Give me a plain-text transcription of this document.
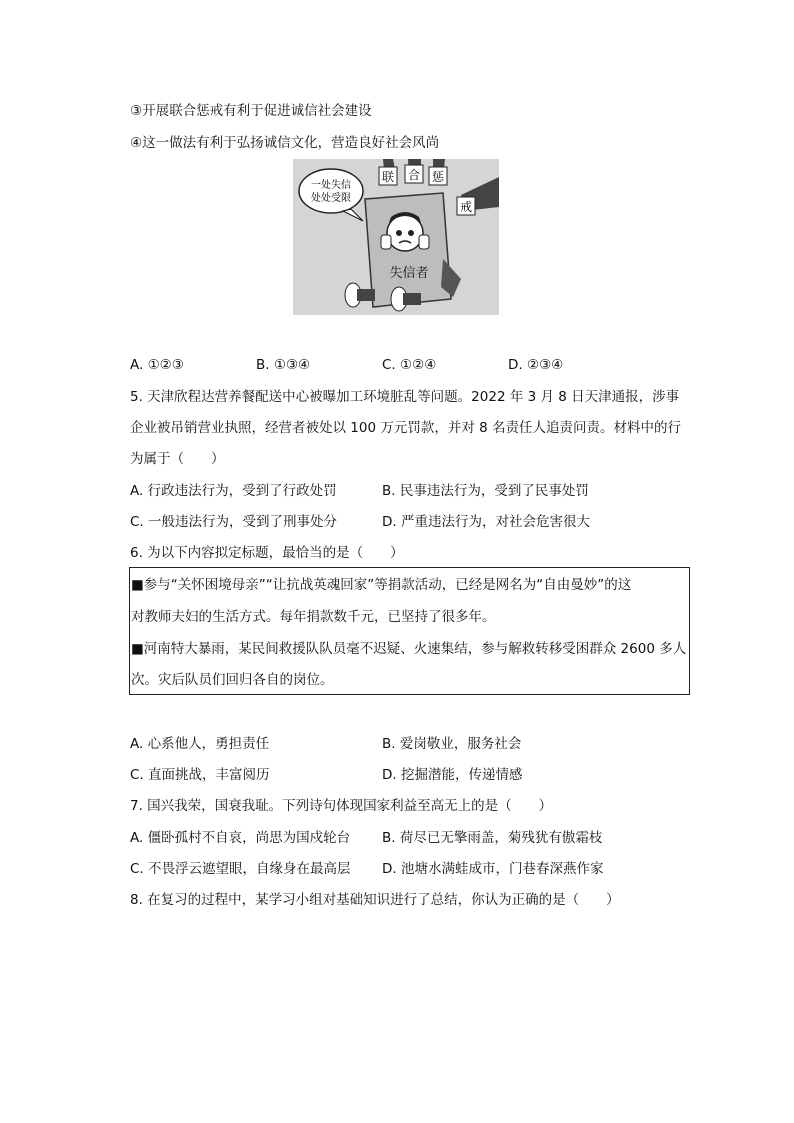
③开展联合惩戒有利于促进诚信社会建设
④这一做法有利于弘扬诚信文化，营造良好社会风尚
一处失信
处处受限
联 合 惩
戒
失信者
A. ①②③	B. ①③④	C. ①②④	D. ②③④
5. 天津欣程达营养餐配送中心被曝加工环境脏乱等问题。2022 年 3 月 8 日天津通报，涉事
企业被吊销营业执照，经营者被处以 100 万元罚款，并对 8 名责任人追责问责。材料中的行
为属于（　　）
A. 行政违法行为，受到了行政处罚	B. 民事违法行为，受到了民事处罚
C. 一般违法行为，受到了刑事处分	D. 严重违法行为，对社会危害很大
6. 为以下内容拟定标题，最恰当的是（　　）
■参与“关怀困境母亲”“让抗战英魂回家”等捐款活动，已经是网名为“自由曼妙”的这
对教师夫妇的生活方式。每年捐款数千元，已坚持了很多年。
■河南特大暴雨，某民间救援队队员毫不迟疑、火速集结，参与解救转移受困群众 2600 多人
次。灾后队员们回归各自的岗位。
A. 心系他人，勇担责任	B. 爱岗敬业，服务社会
C. 直面挑战，丰富阅历	D. 挖掘潜能，传递情感
7. 国兴我荣，国衰我耻。下列诗句体现国家利益至高无上的是（　　）
A. 僵卧孤村不自哀，尚思为国戍轮台 B. 荷尽已无擎雨盖，菊残犹有傲霜枝
C. 不畏浮云遮望眼，自缘身在最高层 D. 池塘水满蛙成市，门巷春深燕作家
8. 在复习的过程中，某学习小组对基础知识进行了总结，你认为正确的是（　　）
